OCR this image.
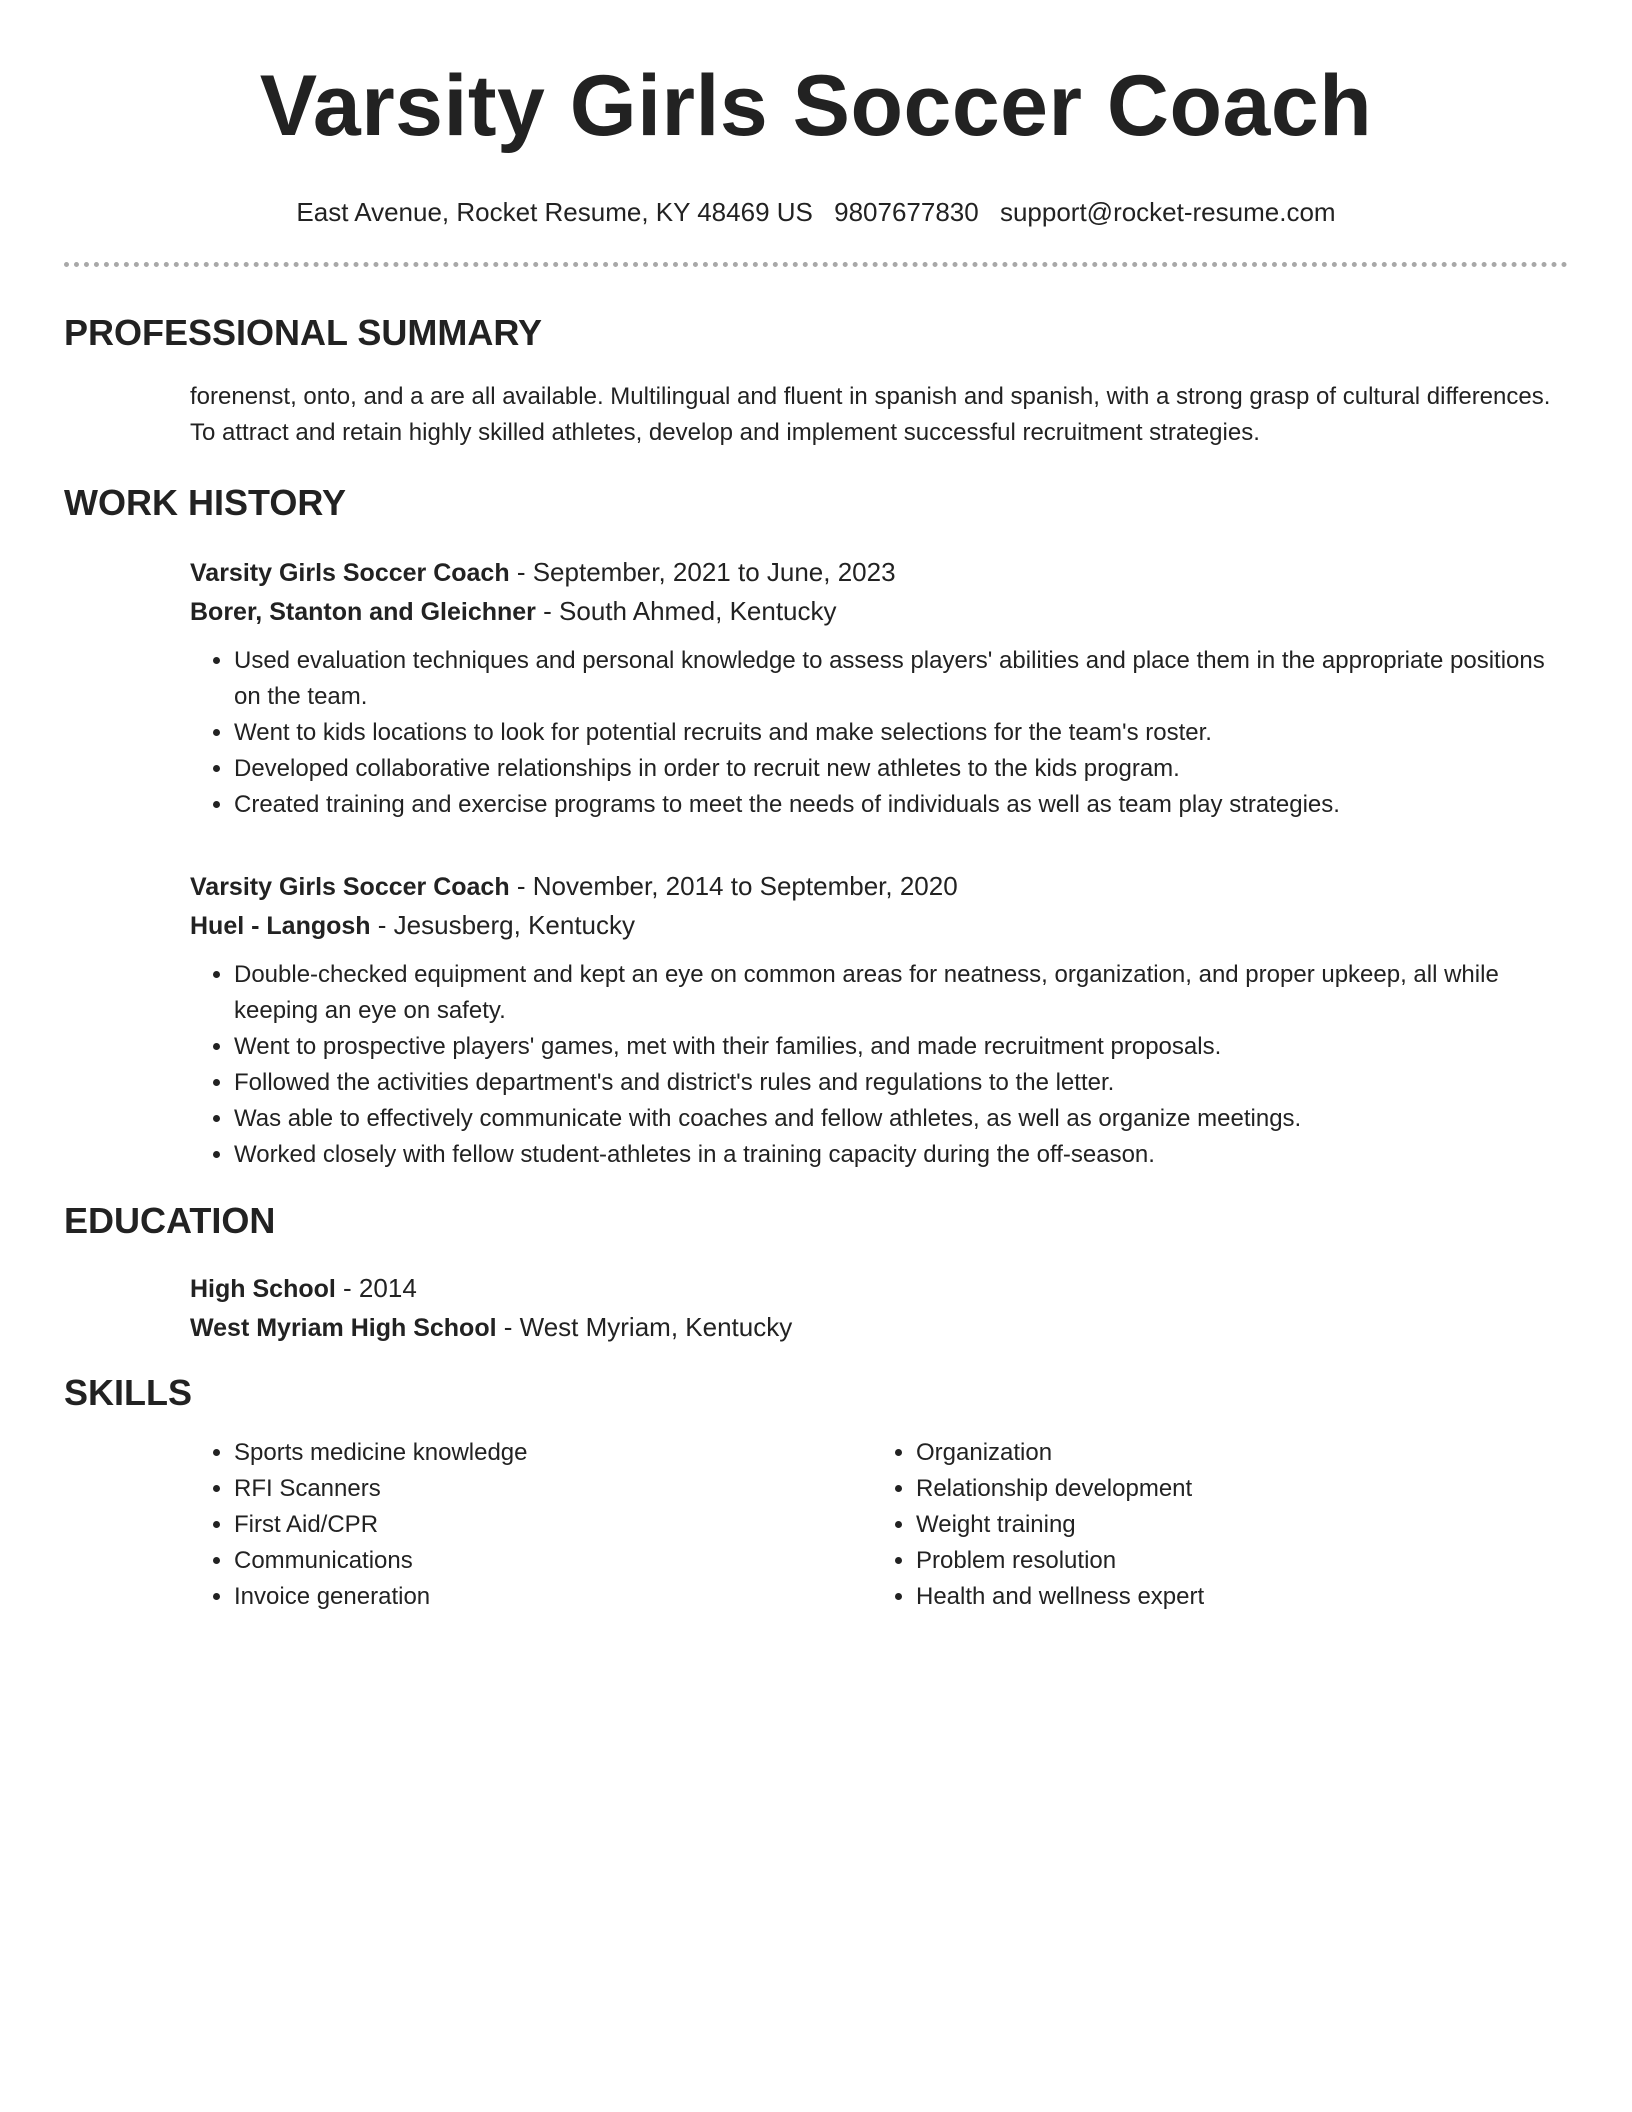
Varsity Girls Soccer Coach
East Avenue, Rocket Resume, KY 48469 US 9807677830 support@rocket-resume.com
PROFESSIONAL SUMMARY
forenenst, onto, and a are all available. Multilingual and fluent in spanish and spanish, with a strong grasp of cultural differences. To attract and retain highly skilled athletes, develop and implement successful recruitment strategies.
WORK HISTORY
Varsity Girls Soccer Coach - September, 2021 to June, 2023
Borer, Stanton and Gleichner - South Ahmed, Kentucky
• Used evaluation techniques and personal knowledge to assess players' abilities and place them in the appropriate positions on the team.
• Went to kids locations to look for potential recruits and make selections for the team's roster.
• Developed collaborative relationships in order to recruit new athletes to the kids program.
• Created training and exercise programs to meet the needs of individuals as well as team play strategies.
Varsity Girls Soccer Coach - November, 2014 to September, 2020
Huel - Langosh - Jesusberg, Kentucky
• Double-checked equipment and kept an eye on common areas for neatness, organization, and proper upkeep, all while keeping an eye on safety.
• Went to prospective players' games, met with their families, and made recruitment proposals.
• Followed the activities department's and district's rules and regulations to the letter.
• Was able to effectively communicate with coaches and fellow athletes, as well as organize meetings.
• Worked closely with fellow student-athletes in a training capacity during the off-season.
EDUCATION
High School - 2014
West Myriam High School - West Myriam, Kentucky
SKILLS
• Sports medicine knowledge
• RFI Scanners
• First Aid/CPR
• Communications
• Invoice generation
• Organization
• Relationship development
• Weight training
• Problem resolution
• Health and wellness expert
